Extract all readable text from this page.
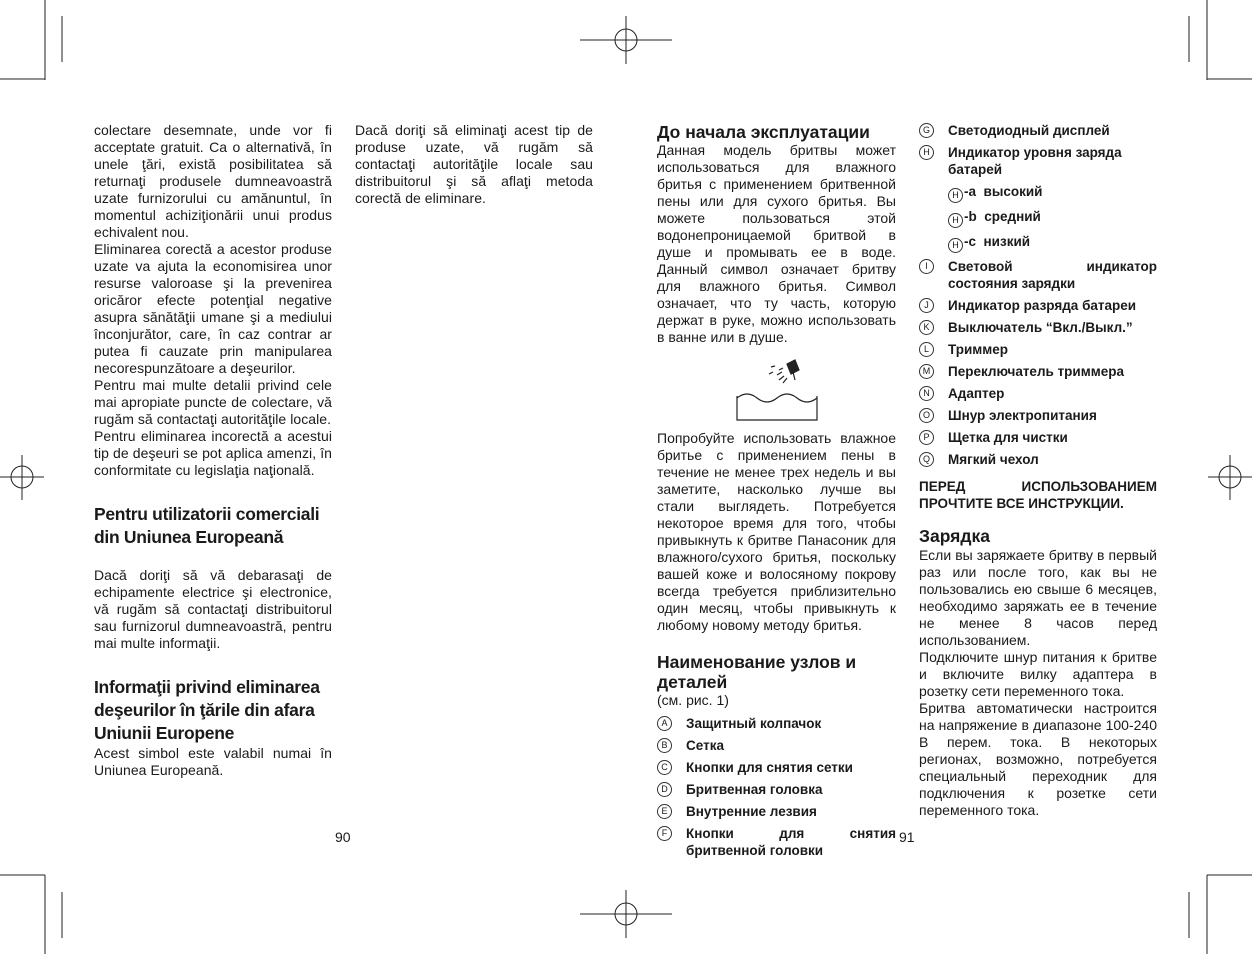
colectare desemnate, unde vor fi acceptate gratuit. Ca o alternativă, în unele ţări, există posibilitatea să returnaţi produsele dumneavoastră uzate furnizorului cu amănuntul, în momentul achiziţionării unui produs echivalent nou.

Eliminarea corectă a acestor produse uzate va ajuta la economisirea unor resurse valoroase şi la prevenirea oricăror efecte potenţial negative asupra sănătăţii umane şi a mediului înconjurător, care, în caz contrar ar putea fi cauzate prin manipularea necorespunzătoare a deşeurilor.

Pentru mai multe detalii privind cele mai apropiate puncte de colectare, vă rugăm să contactaţi autorităţile locale.

Pentru eliminarea incorectă a acestui tip de deşeuri se pot aplica amenzi, în conformitate cu legislaţia naţională.

Pentru utilizatorii comerciali din Uniunea Europeană

Dacă doriţi să vă debarasaţi de echipamente electrice şi electronice, vă rugăm să contactaţi distribuitorul sau furnizorul dumneavoastră, pentru mai multe informaţii.

Informaţii privind eliminarea deşeurilor în ţările din afara Uniunii Europene

Acest simbol este valabil numai în Uniunea Europeană.

Dacă doriţi să eliminaţi acest tip de produse uzate, vă rugăm să contactaţi autorităţile locale sau distribuitorul şi să aflaţi metoda corectă de eliminare.

90
До начала эксплуатации

Данная модель бритвы может использоваться для влажного бритья с применением бритвенной пены или для сухого бритья. Вы можете пользоваться этой водонепроницаемой бритвой в душе и промывать ее в воде. Данный символ означает бритву для влажного бритья. Символ означает, что ту часть, которую держат в руке, можно использовать в ванне или в душе.

Попробуйте использовать влажное бритье с применением пены в течение не менее трех недель и вы заметите, насколько лучше вы стали выглядеть. Потребуется некоторое время для того, чтобы привыкнуть к бритве Панасоник для влажного/сухого бритья, поскольку вашей коже и волосяному покрову всегда требуется приблизительно один месяц, чтобы привыкнуть к любому новому методу бритья.

Наименование узлов и деталей

(см. рис. 1)

A	Защитный колпачок
B	Сетка
C	Кнопки для снятия сетки
D	Бритвенная головка
E	Внутренние лезвия
F	Кнопки для снятия бритвенной головки
91
G Светодиодный дисплей
H	Индикатор уровня заряда батарей
H -a высокий
H -b средний
H -c низкий
I	Световой индикатор состояния зарядки
J	Индикатор разряда батареи
K	Выключатель “Вкл./Выкл.”
L	Триммер
M Переключатель триммера
N	Адаптер
O Шнур электропитания
P	Щетка для чистки
Q Мягкий чехол

ПЕРЕД ИСПОЛЬЗОВАНИЕМ ПРОЧТИТЕ ВСЕ ИНСТРУКЦИИ.

Зарядка

Если вы заряжаете бритву в первый раз или после того, как вы не пользовались ею свыше 6 месяцев, необходимо заряжать ее в течение не менее 8 часов перед использованием.

Подключите шнур питания к бритве и включите вилку адаптера в розетку сети переменного тока.

Бритва автоматически настроится на напряжение в диапазоне 100-240 В перем. тока. В некоторых регионах, возможно, потребуется специальный переходник для подключения к розетке сети переменного тока.
